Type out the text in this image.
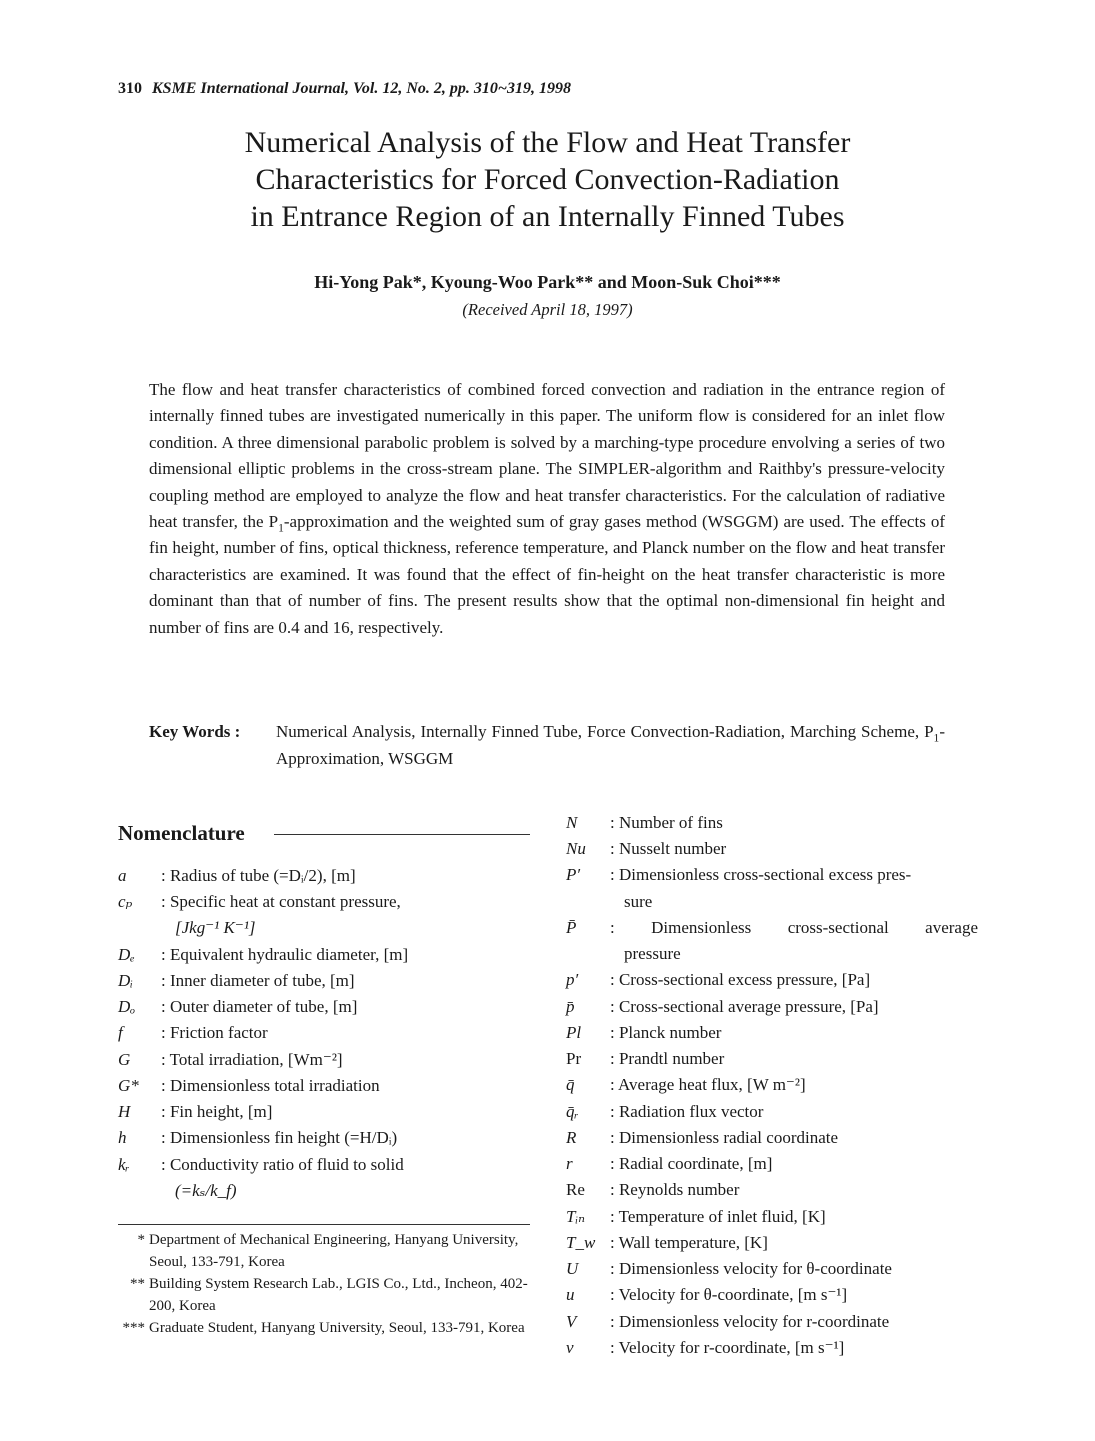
310 KSME International Journal, Vol. 12, No. 2, pp. 310~319, 1998
Numerical Analysis of the Flow and Heat Transfer
Characteristics for Forced Convection-Radiation
in Entrance Region of an Internally Finned Tubes
Hi-Yong Pak*, Kyoung-Woo Park** and Moon-Suk Choi***
(Received April 18, 1997)

The flow and heat transfer characteristics of combined forced convection and radiation in the entrance region of internally finned tubes are investigated numerically in this paper. The uniform flow is considered for an inlet flow condition. A three dimensional parabolic problem is solved by a marching-type procedure envolving a series of two dimensional elliptic problems in the cross-stream plane. The SIMPLER-algorithm and Raithby's pressure-velocity coupling method are employed to analyze the flow and heat transfer characteristics. For the calculation of radiative heat transfer, the $P_1$-approximation and the weighted sum of gray gases method (WSGGM) are used. The effects of fin height, number of fins, optical thickness, reference temperature, and Planck number on the flow and heat transfer characteristics are examined. It was found that the effect of fin-height on the heat transfer characteristic is more dominant than that of number of fins. The present results show that the optimal non-dimensional fin height and number of fins are 0.4 and 16, respectively.

Key Words : Numerical Analysis, Internally Finned Tube, Force Convection-Radiation, Marching Scheme, $P_1$-Approximation, WSGGM
Nomenclature
a : Radius of tube (=Dᵢ/2), [m]
cₚ : Specific heat at constant pressure,
[Jkg⁻¹ K⁻¹]
Dₑ : Equivalent hydraulic diameter, [m]
Dᵢ : Inner diameter of tube, [m]
Dₒ : Outer diameter of tube, [m]
f : Friction factor
G : Total irradiation, [Wm⁻²]
G* : Dimensionless total irradiation
H : Fin height, [m]
h : Dimensionless fin height (=H/Dᵢ)
kᵣ : Conductivity ratio of fluid to solid
(=kₛ/k_f)
* Department of Mechanical Engineering, Hanyang University, Seoul, 133-791, Korea
** Building System Research Lab., LGIS Co., Ltd., Incheon, 402-200, Korea
*** Graduate Student, Hanyang University, Seoul, 133-791, Korea
N : Number of fins
Nu : Nusselt number
P′ : Dimensionless cross-sectional excess pres-
sure
P̄ : Dimensionless cross-sectional average
pressure
p′ : Cross-sectional excess pressure, [Pa]
p̄ : Cross-sectional average pressure, [Pa]
Pl : Planck number
Pr : Prandtl number
q̄ : Average heat flux, [W m⁻²]
q̄ᵣ : Radiation flux vector
R : Dimensionless radial coordinate
r : Radial coordinate, [m]
Re : Reynolds number
Tᵢₙ : Temperature of inlet fluid, [K]
T_w : Wall temperature, [K]
U : Dimensionless velocity for θ-coordinate
u : Velocity for θ-coordinate, [m s⁻¹]
V : Dimensionless velocity for r-coordinate
v : Velocity for r-coordinate, [m s⁻¹]
